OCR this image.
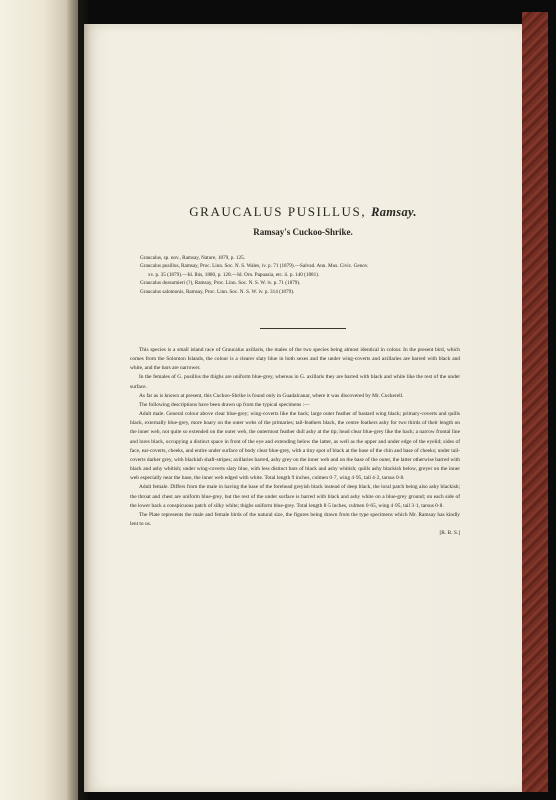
GRAUCALUS PUSILLUS, Ramsay.
Ramsay's Cuckoo-Shrike.
Graucalus, sp. nov., Ramsay, Nature, 1879, p. 125.
Graucalus pusillus, Ramsay, Proc. Linn. Soc. N. S. Wales, iv. p. 71 (1879).—Salvad. Ann. Mus. Civic. Genov.
xv. p. 35 (1879).—Id. Ibis, 1880, p. 128.—Id. Orn. Papuasia, etc. ii. p. 140 (1881).
Graucalus dussumieri (?), Ramsay, Proc. Linn. Soc. N. S. W. iv. p. 71 (1879).
Graucalus salomonis, Ramsay, Proc. Linn. Soc. N. S. W. iv. p. 314 (1879).

This species is a small island race of Graucalus axillaris, the males of the two species being almost identical in colour. In the present bird, which comes from the Solomon Islands, the colour is a clearer slaty blue in both sexes and the under wing-coverts and axillaries are barred with black and white, and the bars are narrower.

In the females of G. pusillus the thighs are uniform blue-grey, whereas in G. axillaris they are barred with black and white like the rest of the under surface.

As far as is known at present, this Cuckoo-Shrike is found only in Guadalcanar, where it was discovered by Mr. Cockerell.

The following descriptions have been drawn up from the typical specimens :—

Adult male. General colour above clear blue-grey; wing-coverts like the back; large outer feather of bastard wing black; primary-coverts and quills black, externally blue-grey, more hoary on the outer webs of the primaries; tail-feathers black, the centre feathers ashy for two thirds of their length on the inner web, not quite so extended on the outer web, the outermost feather dull ashy at the tip; head clear blue-grey like the back; a narrow frontal line and lores black, occupying a distinct space in front of the eye and extending below the latter, as well as the upper and under edge of the eyelid; sides of face, ear-coverts, cheeks, and entire under surface of body clear blue-grey, with a tiny spot of black at the base of the chin and base of cheeks; under tail-coverts darker grey, with blackish shaft-stripes; axillaries barred, ashy grey on the inner web and on the base of the outer, the latter otherwise barred with black and ashy whitish; under wing-coverts slaty blue, with less distinct bars of black and ashy whitish; quills ashy blackish below, greyer on the inner web especially near the base, the inner web edged with white. Total length 9 inches, culmen 0·7, wing 4·95, tail 4·2, tarsus 0·8.

Adult female. Differs from the male in having the base of the forehead greyish black instead of deep black, the loral patch being also ashy blackish; the throat and chest are uniform blue-grey, but the rest of the under surface is barred with black and ashy white on a blue-grey ground; on each side of the lower back a conspicuous patch of silky white; thighs uniform blue-grey. Total length 8·5 inches, culmen 0·65, wing 4·95, tail 3·1, tarsus 0·8.

The Plate represents the male and female birds of the natural size, the figures being drawn from the type specimens which Mr. Ramsay has kindly lent to us.

[R. B. S.]
